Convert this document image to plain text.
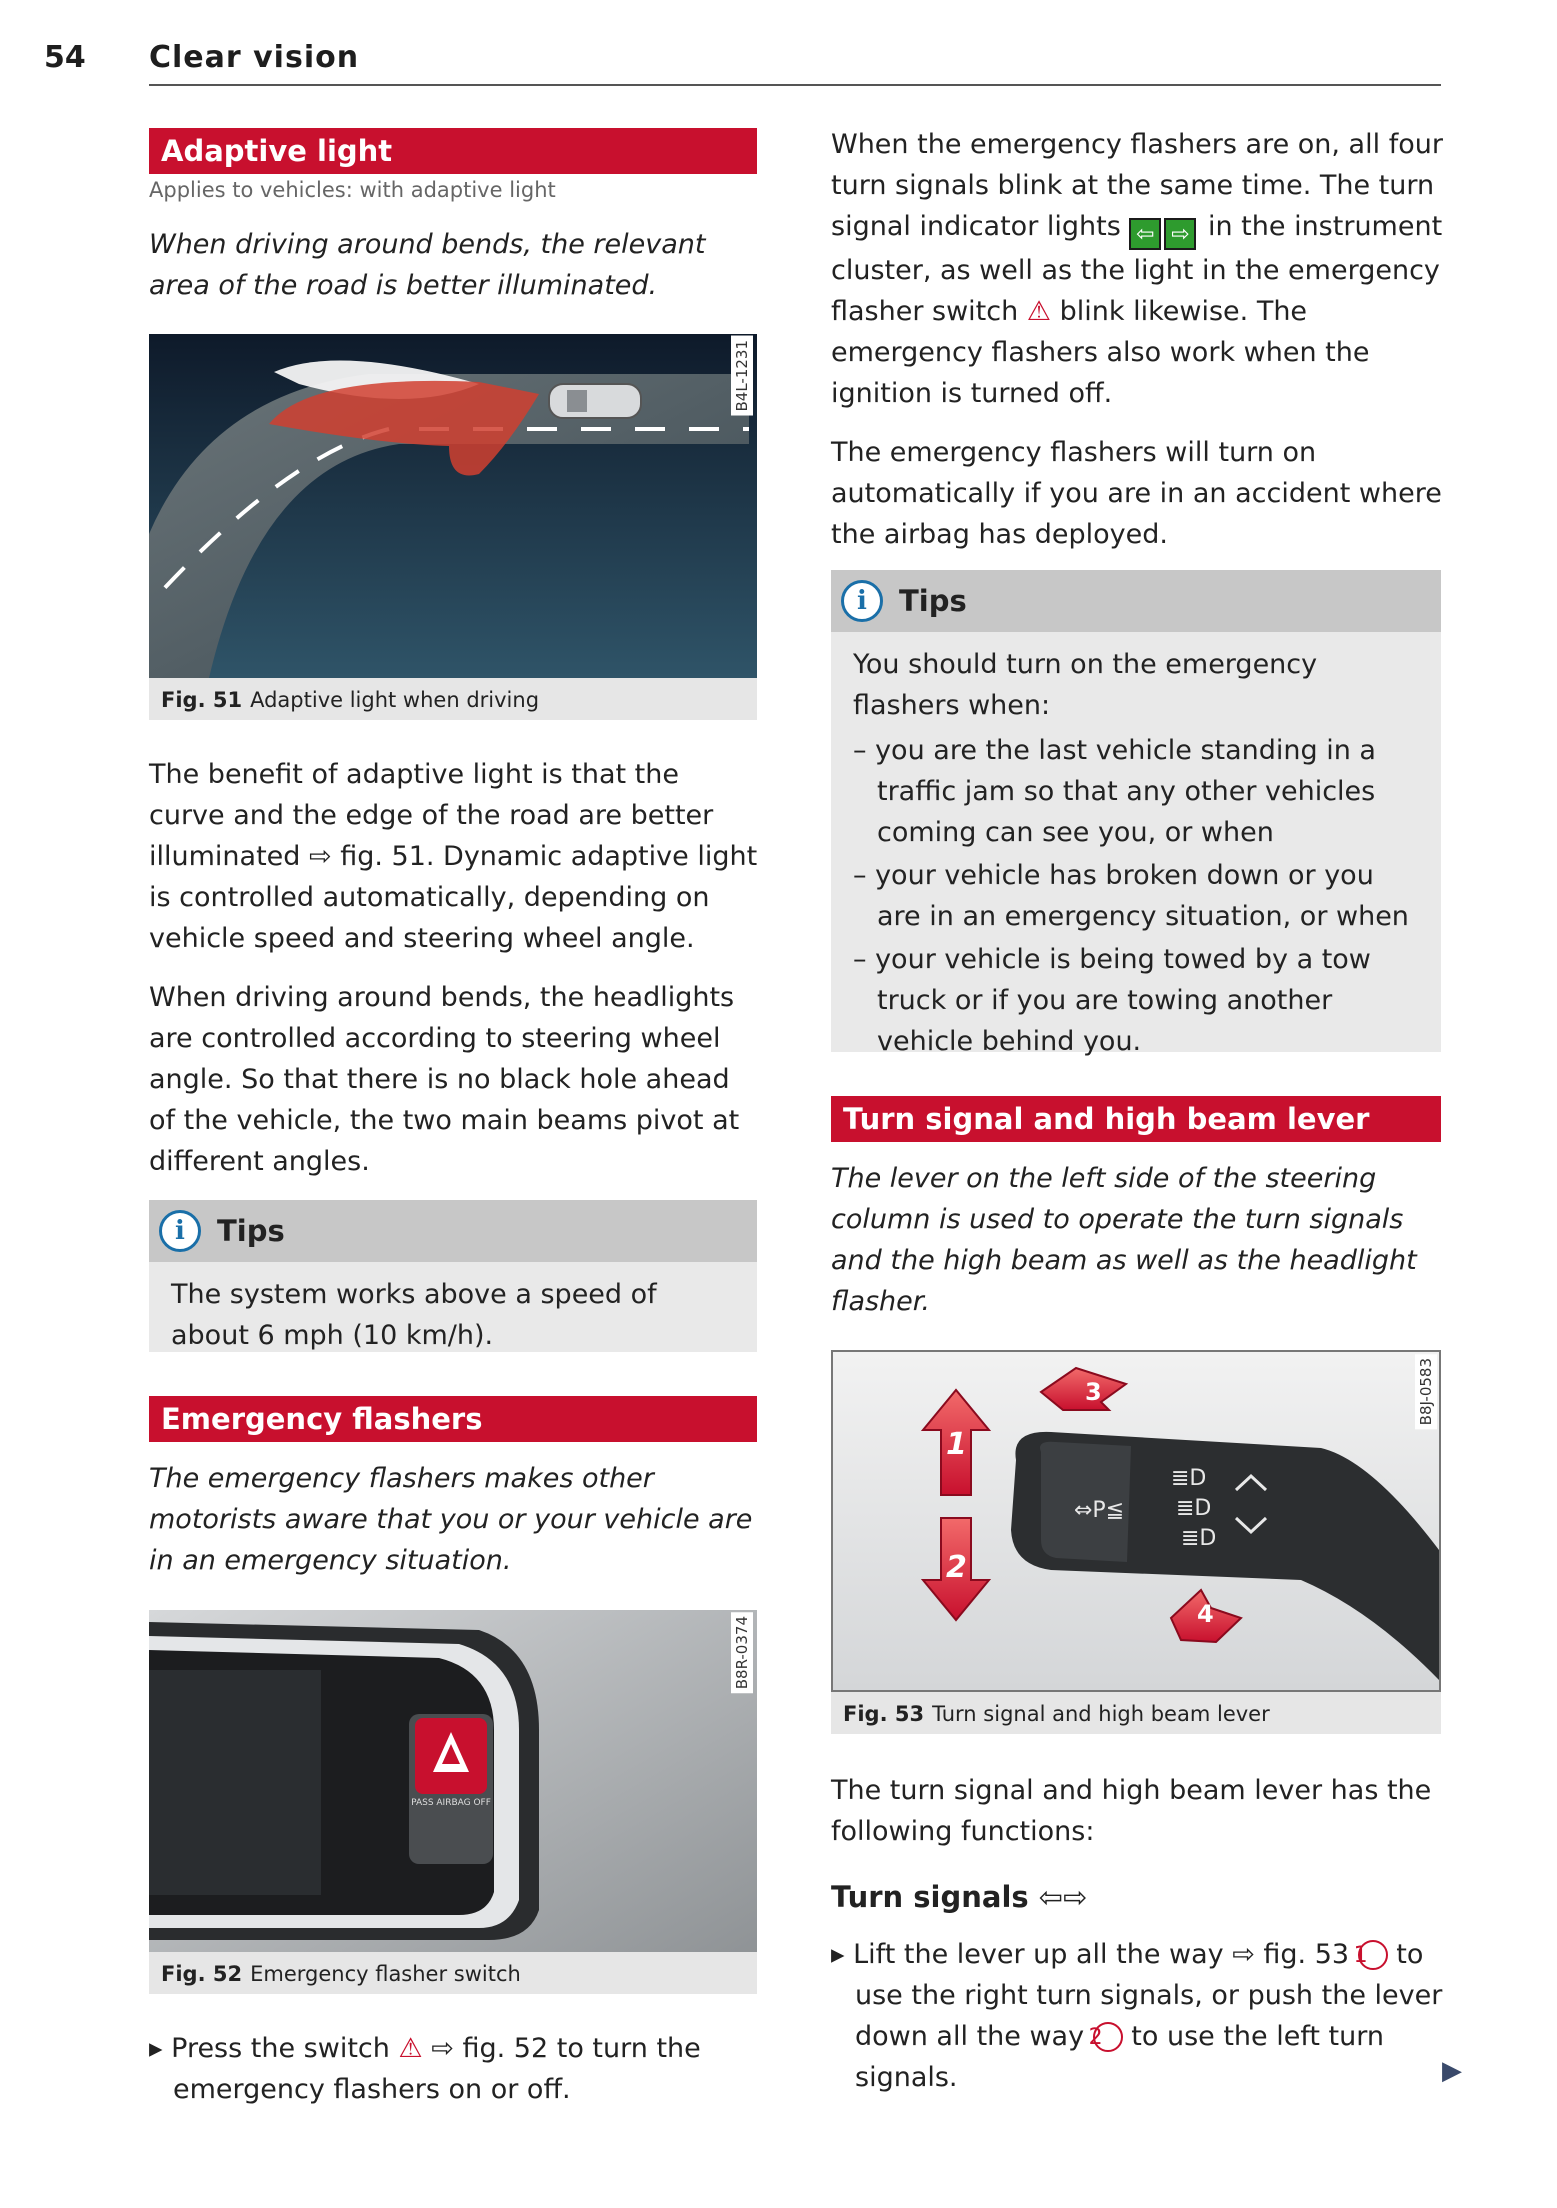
54 Clear vision
Adaptive light
Applies to vehicles: with adaptive light
When driving around bends, the relevant area of the road is better illuminated.
B4L-1231
Fig. 51 Adaptive light when driving

The benefit of adaptive light is that the curve and the edge of the road are better illuminated ⇨ fig. 51. Dynamic adaptive light is controlled automatically, depending on vehicle speed and steering wheel angle.

When driving around bends, the headlights are controlled according to steering wheel angle. So that there is no black hole ahead of the vehicle, the two main beams pivot at different angles.

i	Tips
The system works above a speed of about 6 mph (10 km/h).
Emergency flashers
The emergency flashers makes other motorists aware that you or your vehicle are in an emergency situation.
PASS AIRBAG OFF
B8R-0374
Fig. 52 Emergency flasher switch
▸ Press the switch ⚠ ⇨ fig. 52 to turn the emergency flashers on or off.

When the emergency flashers are on, all four turn signals blink at the same time. The turn signal indicator lights ⇦ ⇨ in the instrument cluster, as well as the light in the emergency flasher switch ⚠ blink likewise. The emergency flashers also work when the ignition is turned off.

The emergency flashers will turn on automatically if you are in an accident where the airbag has deployed.

i	Tips
You should turn on the emergency flashers when:
– you are the last vehicle standing in a traffic jam so that any other vehicles coming can see you, or when
– your vehicle has broken down or you are in an emergency situation, or when
– your vehicle is being towed by a tow truck or if you are towing another vehicle behind you.
Turn signal and high beam lever
The lever on the left side of the steering column is used to operate the turn signals and the high beam as well as the headlight flasher.
≣D
≣D
≣D
⇔P≦
1
2
3
4
B8J-0583
Fig. 53 Turn signal and high beam lever
The turn signal and high beam lever has the following functions:
Turn signals ⇦⇨
▸ Lift the lever up all the way ⇨ fig. 53 1 to use the right turn signals, or push the lever down all the way 2 to use the left turn signals.	▶
